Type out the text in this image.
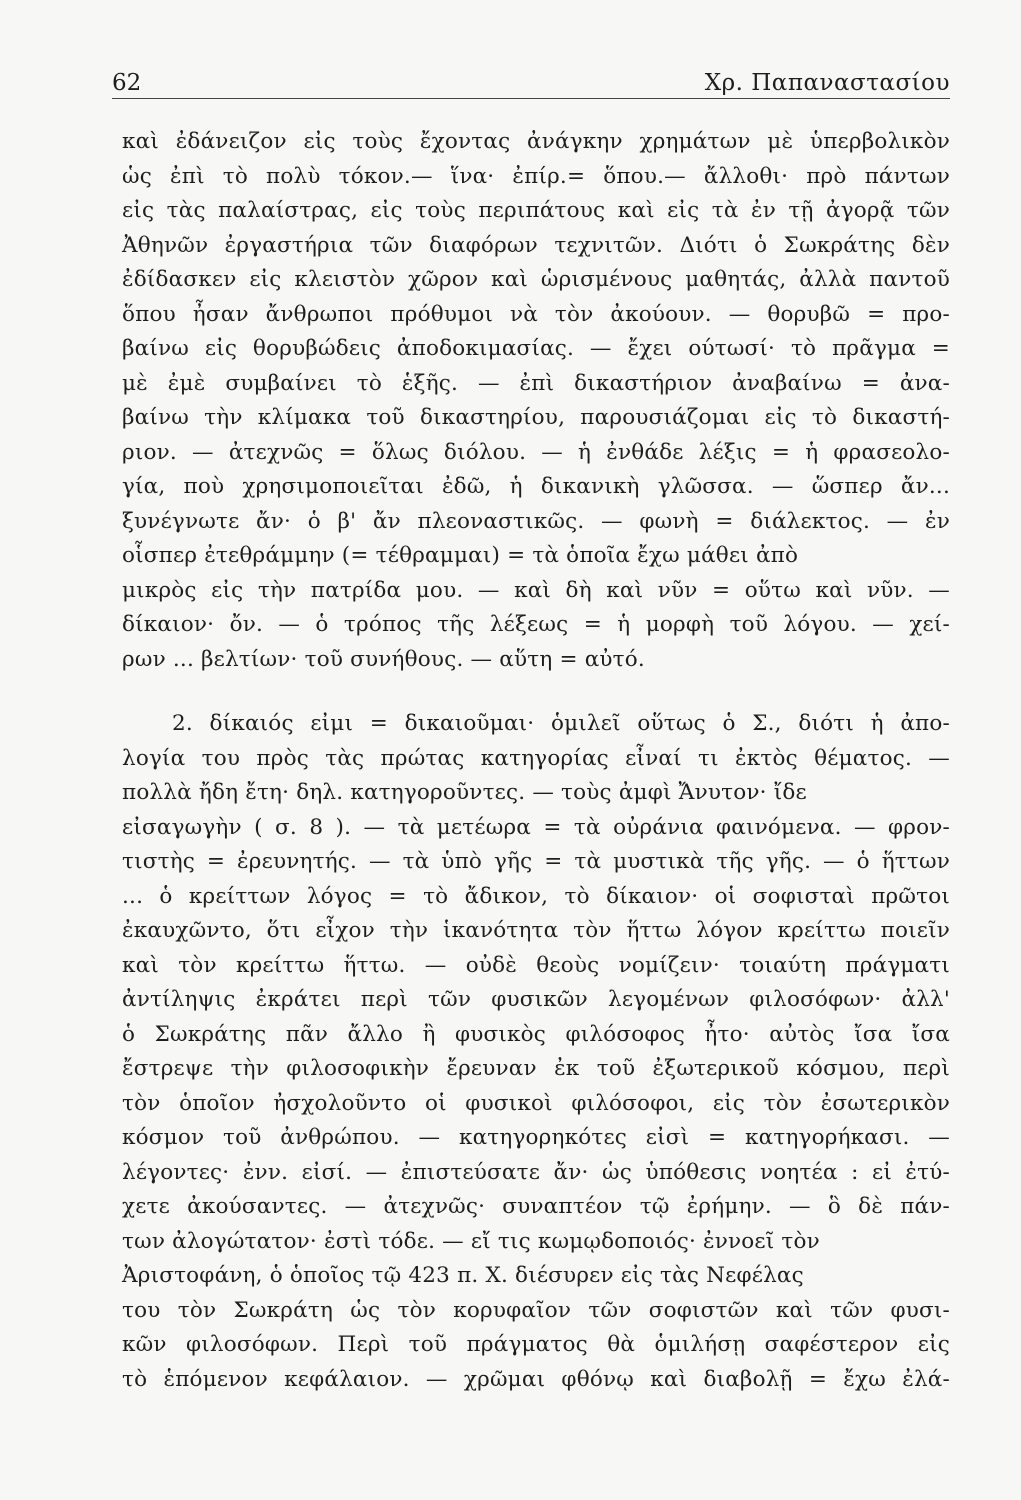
62	Χρ. Παπαναστασίου
καὶ ἐδάνειζον εἰς τοὺς ἔχοντας ἀνάγκην χρημάτων μὲ ὑπερβολικὸν
ὡς ἐπὶ τὸ πολὺ τόκον.— ἵνα· ἐπίρ.= ὅπου.— ἄλλοθι· πρὸ πάντων
εἰς τὰς παλαίστρας, εἰς τοὺς περιπάτους καὶ εἰς τὰ ἐν τῇ ἀγορᾷ τῶν
Ἀθηνῶν ἐργαστήρια τῶν διαφόρων τεχνιτῶν. Διότι ὁ Σωκράτης δὲν
ἐδίδασκεν εἰς κλειστὸν χῶρον καὶ ὡρισμένους μαθητάς, ἀλλὰ παντοῦ
ὅπου ἦσαν ἄνθρωποι πρόθυμοι νὰ τὸν ἀκούουν. — θορυβῶ = προ-
βαίνω εἰς θορυβώδεις ἀποδοκιμασίας. — ἔχει ούτωσί· τὸ πρᾶγμα =
μὲ ἐμὲ συμβαίνει τὸ ἑξῆς. — ἐπὶ δικαστήριον ἀναβαίνω = ἀνα-
βαίνω τὴν κλίμακα τοῦ δικαστηρίου, παρουσιάζομαι εἰς τὸ δικαστή-
ριον. — ἀτεχνῶς = ὅλως διόλου. — ἡ ἐνθάδε λέξις = ἡ φρασεολο-
γία, ποὺ χρησιμοποιεῖται ἐδῶ, ἡ δικανικὴ γλῶσσα. — ὥσπερ ἄν...
ξυνέγνωτε ἄν· ὁ β' ἄν πλεοναστικῶς. — φωνὴ = διάλεκτος. — ἐν
οἷσπερ ἐτεθράμμην (= τέθραμμαι) = τὰ ὁποῖα ἔχω μάθει ἀπὸ
μικρὸς εἰς τὴν πατρίδα μου. — καὶ δὴ καὶ νῦν = οὕτω καὶ νῦν. —
δίκαιον· ὄν. — ὁ τρόπος τῆς λέξεως = ἡ μορφὴ τοῦ λόγου. — χεί-
ρων ... βελτίων· τοῦ συνήθους. — αὕτη = αὐτό.
2. δίκαιός εἰμι = δικαιοῦμαι· ὁμιλεῖ οὕτως ὁ Σ., διότι ἡ ἀπο-
λογία του πρὸς τὰς πρώτας κατηγορίας εἶναί τι ἐκτὸς θέματος. —
πολλὰ ἤδη ἔτη· δηλ. κατηγοροῦντες. — τοὺς ἀμφὶ Ἄνυτον· ἴδε
εἰσαγωγὴν ( σ. 8 ). — τὰ μετέωρα = τὰ οὐράνια φαινόμενα. — φρον-
τιστὴς = ἐρευνητής. — τὰ ὑπὸ γῆς = τὰ μυστικὰ τῆς γῆς. — ὁ ἥττων
... ὁ κρείττων λόγος = τὸ ἄδικον, τὸ δίκαιον· οἱ σοφισταὶ πρῶτοι
ἐκαυχῶντο, ὅτι εἶχον τὴν ἱκανότητα τὸν ἥττω λόγον κρείττω ποιεῖν
καὶ τὸν κρείττω ἥττω. — οὐδὲ θεοὺς νομίζειν· τοιαύτη πράγματι
ἀντίληψις ἐκράτει περὶ τῶν φυσικῶν λεγομένων φιλοσόφων· ἀλλ'
ὁ Σωκράτης πᾶν ἄλλο ἢ φυσικὸς φιλόσοφος ἦτο· αὐτὸς ἴσα ἴσα
ἔστρεψε τὴν φιλοσοφικὴν ἔρευναν ἐκ τοῦ ἐξωτερικοῦ κόσμου, περὶ
τὸν ὁποῖον ἠσχολοῦντο οἱ φυσικοὶ φιλόσοφοι, εἰς τὸν ἐσωτερικὸν
κόσμον τοῦ ἀνθρώπου. — κατηγορηκότες εἰσὶ = κατηγορήκασι. —
λέγοντες· ἐνν. εἰσί. — ἐπιστεύσατε ἄν· ὡς ὑπόθεσις νοητέα : εἰ ἐτύ-
χετε ἀκούσαντες. — ἀτεχνῶς· συναπτέον τῷ ἐρήμην. — ὃ δὲ πάν-
των ἀλογώτατον· ἐστὶ τόδε. — εἴ τις κωμῳδοποιός· ἐννοεῖ τὸν
Ἀριστοφάνη, ὁ ὁποῖος τῷ 423 π. Χ. διέσυρεν εἰς τὰς Νεφέλας
του τὸν Σωκράτη ὡς τὸν κορυφαῖον τῶν σοφιστῶν καὶ τῶν φυσι-
κῶν φιλοσόφων. Περὶ τοῦ πράγματος θὰ ὁμιλήσῃ σαφέστερον εἰς
τὸ ἑπόμενον κεφάλαιον. — χρῶμαι φθόνῳ καὶ διαβολῇ = ἔχω ἐλά-
